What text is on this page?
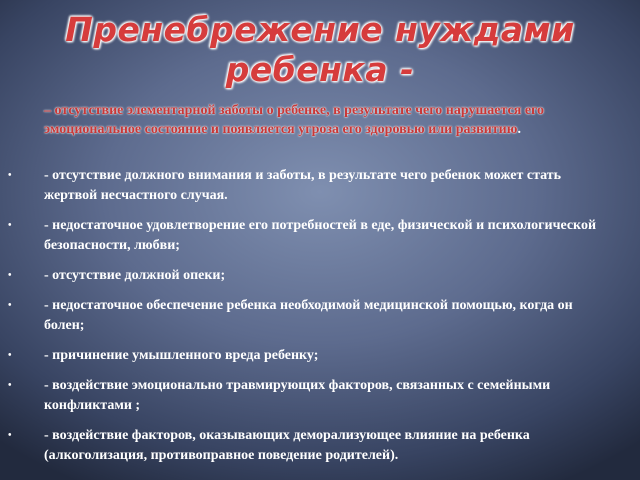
Пренебрежение нуждами
ребенка -

– отсутствие элементарной заботы о ребенке, в результате чего нарушается его эмоциональное состояние и появляется угроза его здоровью или развитию.

• - отсутствие должного внимания и заботы, в результате чего ребенок может стать жертвой несчастного случая.
• - недостаточное удовлетворение его потребностей в еде, физической и психологической безопасности, любви;
• - отсутствие должной опеки;
• - недостаточное обеспечение ребенка необходимой медицинской помощью, когда он болен;
• - причинение умышленного вреда ребенку;
• - воздействие эмоционально травмирующих факторов, связанных с семейными конфликтами ;
• - воздействие факторов, оказывающих деморализующее влияние на ребенка (алкоголизация, противоправное поведение родителей).
